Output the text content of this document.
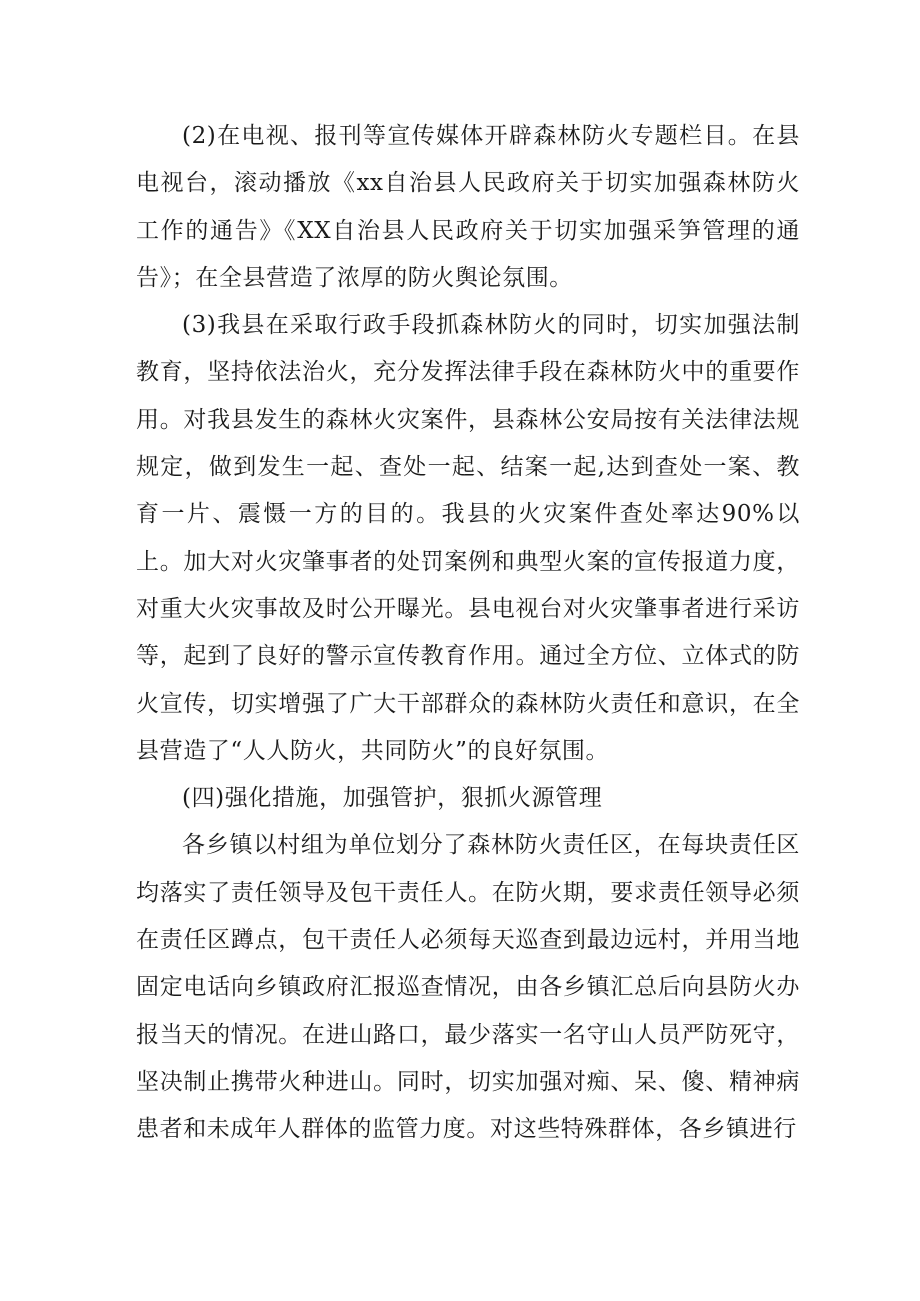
(2)在电视、报刊等宣传媒体开辟森林防火专题栏目。在县电视台，滚动播放《xx自治县人民政府关于切实加强森林防火工作的通告》《XX自治县人民政府关于切实加强采笋管理的通告》；在全县营造了浓厚的防火舆论氛围。

(3)我县在采取行政手段抓森林防火的同时，切实加强法制教育，坚持依法治火，充分发挥法律手段在森林防火中的重要作用。对我县发生的森林火灾案件，县森林公安局按有关法律法规规定，做到发生一起、查处一起、结案一起,达到查处一案、教育一片、震慑一方的目的。我县的火灾案件查处率达90%以上。加大对火灾肇事者的处罚案例和典型火案的宣传报道力度，对重大火灾事故及时公开曝光。县电视台对火灾肇事者进行采访等，起到了良好的警示宣传教育作用。通过全方位、立体式的防火宣传，切实增强了广大干部群众的森林防火责任和意识，在全县营造了“人人防火，共同防火”的良好氛围。

(四)强化措施，加强管护，狠抓火源管理

各乡镇以村组为单位划分了森林防火责任区，在每块责任区均落实了责任领导及包干责任人。在防火期，要求责任领导必须在责任区蹲点，包干责任人必须每天巡查到最边远村，并用当地固定电话向乡镇政府汇报巡查情况，由各乡镇汇总后向县防火办报当天的情况。在进山路口，最少落实一名守山人员严防死守，坚决制止携带火种进山。同时，切实加强对痴、呆、傻、精神病患者和未成年人群体的监管力度。对这些特殊群体，各乡镇进行
